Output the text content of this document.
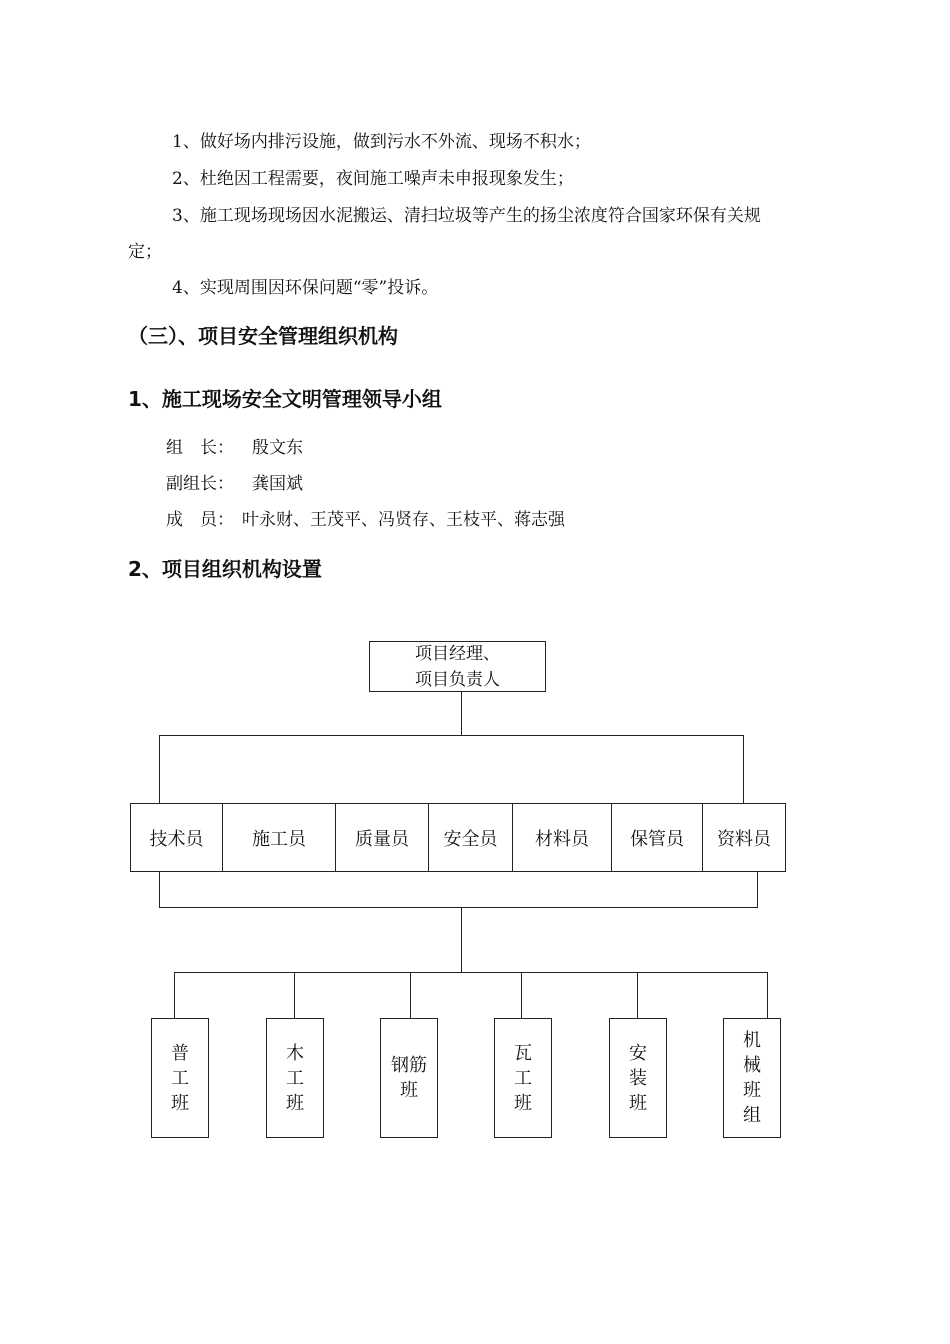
1、做好场内排污设施，做到污水不外流、现场不积水；
2、杜绝因工程需要，夜间施工噪声未申报现象发生；
3、施工现场现场因水泥搬运、清扫垃圾等产生的扬尘浓度符合国家环保有关规
定；
4、实现周围因环保问题“零”投诉。
（三）、项目安全管理组织机构
1、施工现场安全文明管理领导小组
组　长： 殷文东
副组长： 龚国斌
成　员： 叶永财、王茂平、冯贤存、王枝平、蒋志强
2、项目组织机构设置
项目经理、
项目负责人
技术员	施工员	质量员	安全员	材料员	保管员	资料员
普
工
班
木
工
班
钢筋
班
瓦
工
班
安
装
班
机
械
班
组
